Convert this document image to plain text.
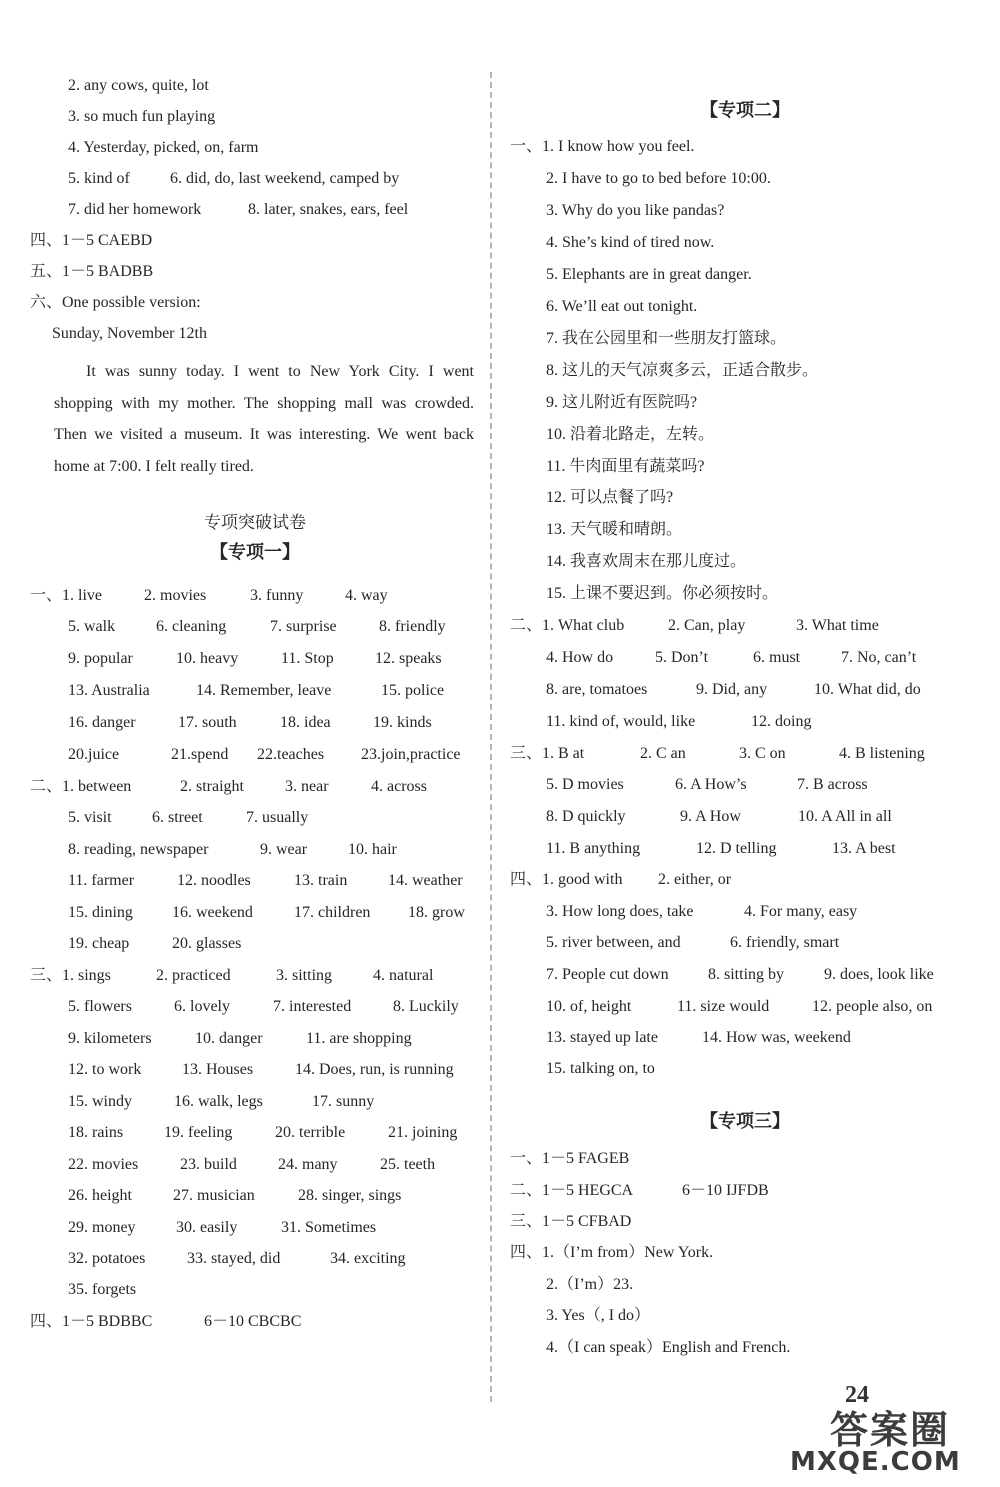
2. any cows, quite, lot
3. so much fun playing
4. Yesterday, picked, on, farm
5. kind of	6. did, do, last weekend, camped by
7. did her homework	8. later, snakes, ears, feel
四、1－5 CAEBD
五、1－5 BADBB
六、One possible version:
Sunday, November 12th
It was sunny today. I went to New York City. I went shopping with my mother. The shopping mall was crowded. Then we visited a museum. It was interesting. We went back home at 7:00. I felt really tired.
专项突破试卷
【专项一】
一、1. live	2. movies	3. funny	4. way
5. walk	6. cleaning	7. surprise	8. friendly
9. popular	10. heavy	11. Stop	12. speaks
13. Australia	14. Remember, leave	15. police
16. danger	17. south	18. idea	19. kinds
20.juice	21.spend 22.teaches 23.join,practice
二、1. between	2. straight	3. near	4. across
5. visit	6. street	7. usually
8. reading, newspaper	9. wear	10. hair
11. farmer	12. noodles	13. train	14. weather
15. dining 16. weekend	17. children 18. grow
19. cheap	20. glasses
三、1. sings	2. practiced	3. sitting	4. natural
5. flowers	6. lovely	7. interested	8. Luckily
9. kilometers	10. danger	11. are shopping
12. to work	13. Houses	14. Does, run, is running
15. windy	16. walk, legs	17. sunny
18. rains	19. feeling	20. terrible	21. joining
22. movies	23. build	24. many	25. teeth
26. height	27. musician	28. singer, sings
29. money	30. easily	31. Sometimes
32. potatoes	33. stayed, did	34. exciting
35. forgets
四、1－5 BDBBC	6－10 CBCBC
【专项二】
一、1. I know how you feel.
2. I have to go to bed before 10:00.
3. Why do you like pandas?
4. She’s kind of tired now.
5. Elephants are in great danger.
6. We’ll eat out tonight.
7. 我在公园里和一些朋友打篮球。
8. 这儿的天气凉爽多云，正适合散步。
9. 这儿附近有医院吗?
10. 沿着北路走，左转。
11. 牛肉面里有蔬菜吗?
12. 可以点餐了吗?
13. 天气暖和晴朗。
14. 我喜欢周末在那儿度过。
15. 上课不要迟到。你必须按时。
二、1. What club	2. Can, play	3. What time
4. How do	5. Don’t	6. must	7. No, can’t
8. are, tomatoes	9. Did, any	10. What did, do
11. kind of, would, like	12. doing
三、1. B at	2. C an	3. C on	4. B listening
5. D movies	6. A How’s	7. B across
8. D quickly	9. A How	10. A All in all
11. B anything	12. D telling	13. A best
四、1. good with 2. either, or
3. How long does, take	4. For many, easy
5. river between, and	6. friendly, smart
7. People cut down 8. sitting by 9. does, look like
10. of, height	11. size would	12. people also, on
13. stayed up late	14. How was, weekend
15. talking on, to
【专项三】
一、1－5 FAGEB
二、1－5 HEGCA	6－10 IJFDB
三、1－5 CFBAD
四、1.（I’m from）New York.
2.（I’m）23.
3. Yes（, I do）
4.（I can speak）English and French.
24
答案圈
MXQE.COM
